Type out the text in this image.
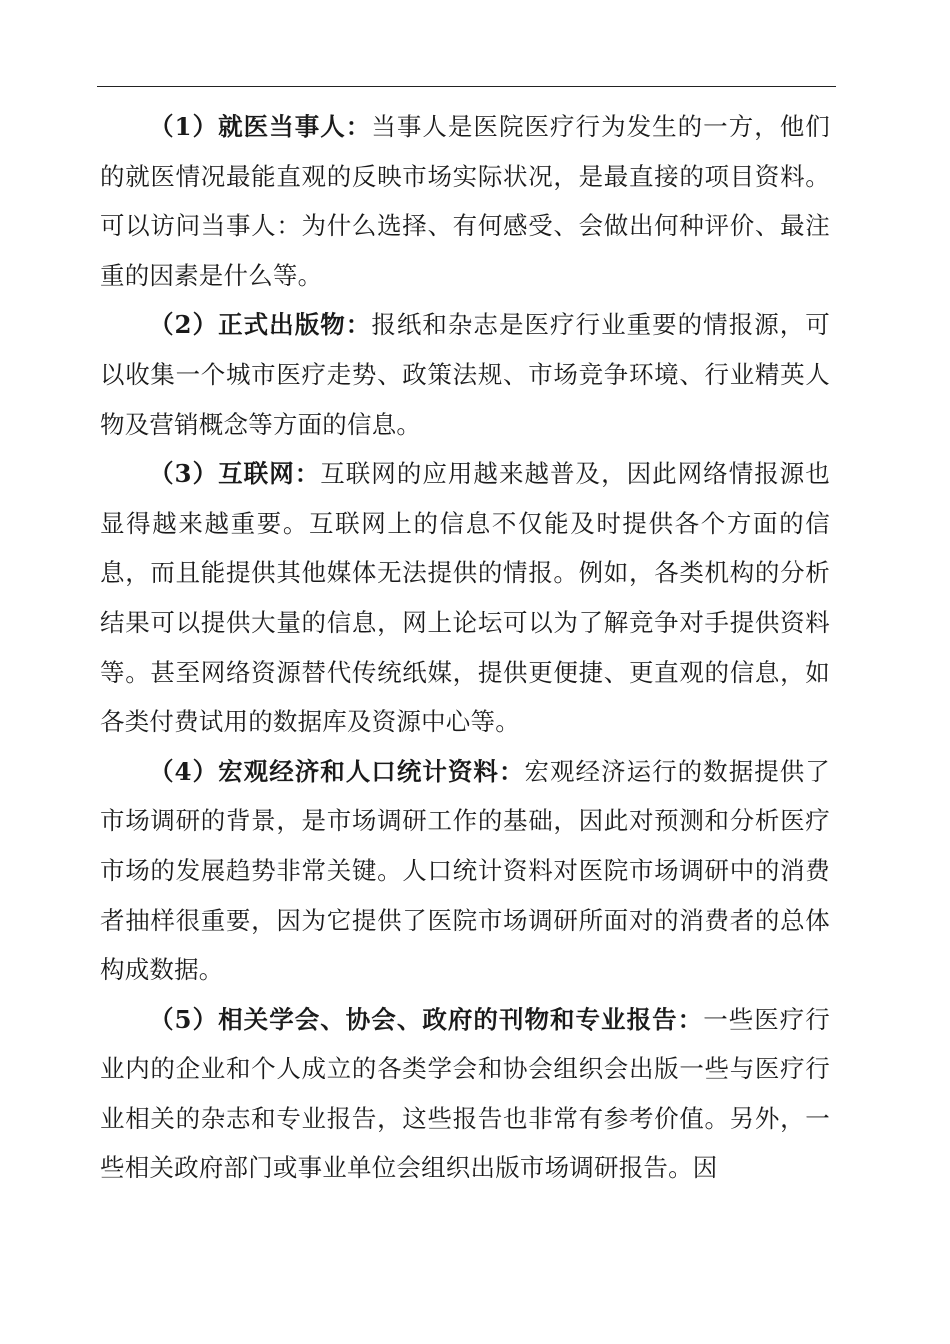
（1）就医当事人：当事人是医院医疗行为发生的一方，他们的就医情况最能直观的反映市场实际状况，是最直接的项目资料。可以访问当事人：为什么选择、有何感受、会做出何种评价、最注重的因素是什么等。

（2）正式出版物：报纸和杂志是医疗行业重要的情报源，可以收集一个城市医疗走势、政策法规、市场竞争环境、行业精英人物及营销概念等方面的信息。

（3）互联网：互联网的应用越来越普及，因此网络情报源也显得越来越重要。互联网上的信息不仅能及时提供各个方面的信息，而且能提供其他媒体无法提供的情报。例如，各类机构的分析结果可以提供大量的信息，网上论坛可以为了解竞争对手提供资料等。甚至网络资源替代传统纸媒，提供更便捷、更直观的信息，如各类付费试用的数据库及资源中心等。

（4）宏观经济和人口统计资料：宏观经济运行的数据提供了市场调研的背景，是市场调研工作的基础，因此对预测和分析医疗市场的发展趋势非常关键。人口统计资料对医院市场调研中的消费者抽样很重要，因为它提供了医院市场调研所面对的消费者的总体构成数据。

（5）相关学会、协会、政府的刊物和专业报告：一些医疗行业内的企业和个人成立的各类学会和协会组织会出版一些与医疗行业相关的杂志和专业报告，这些报告也非常有参考价值。另外，一些相关政府部门或事业单位会组织出版市场调研报告。因
